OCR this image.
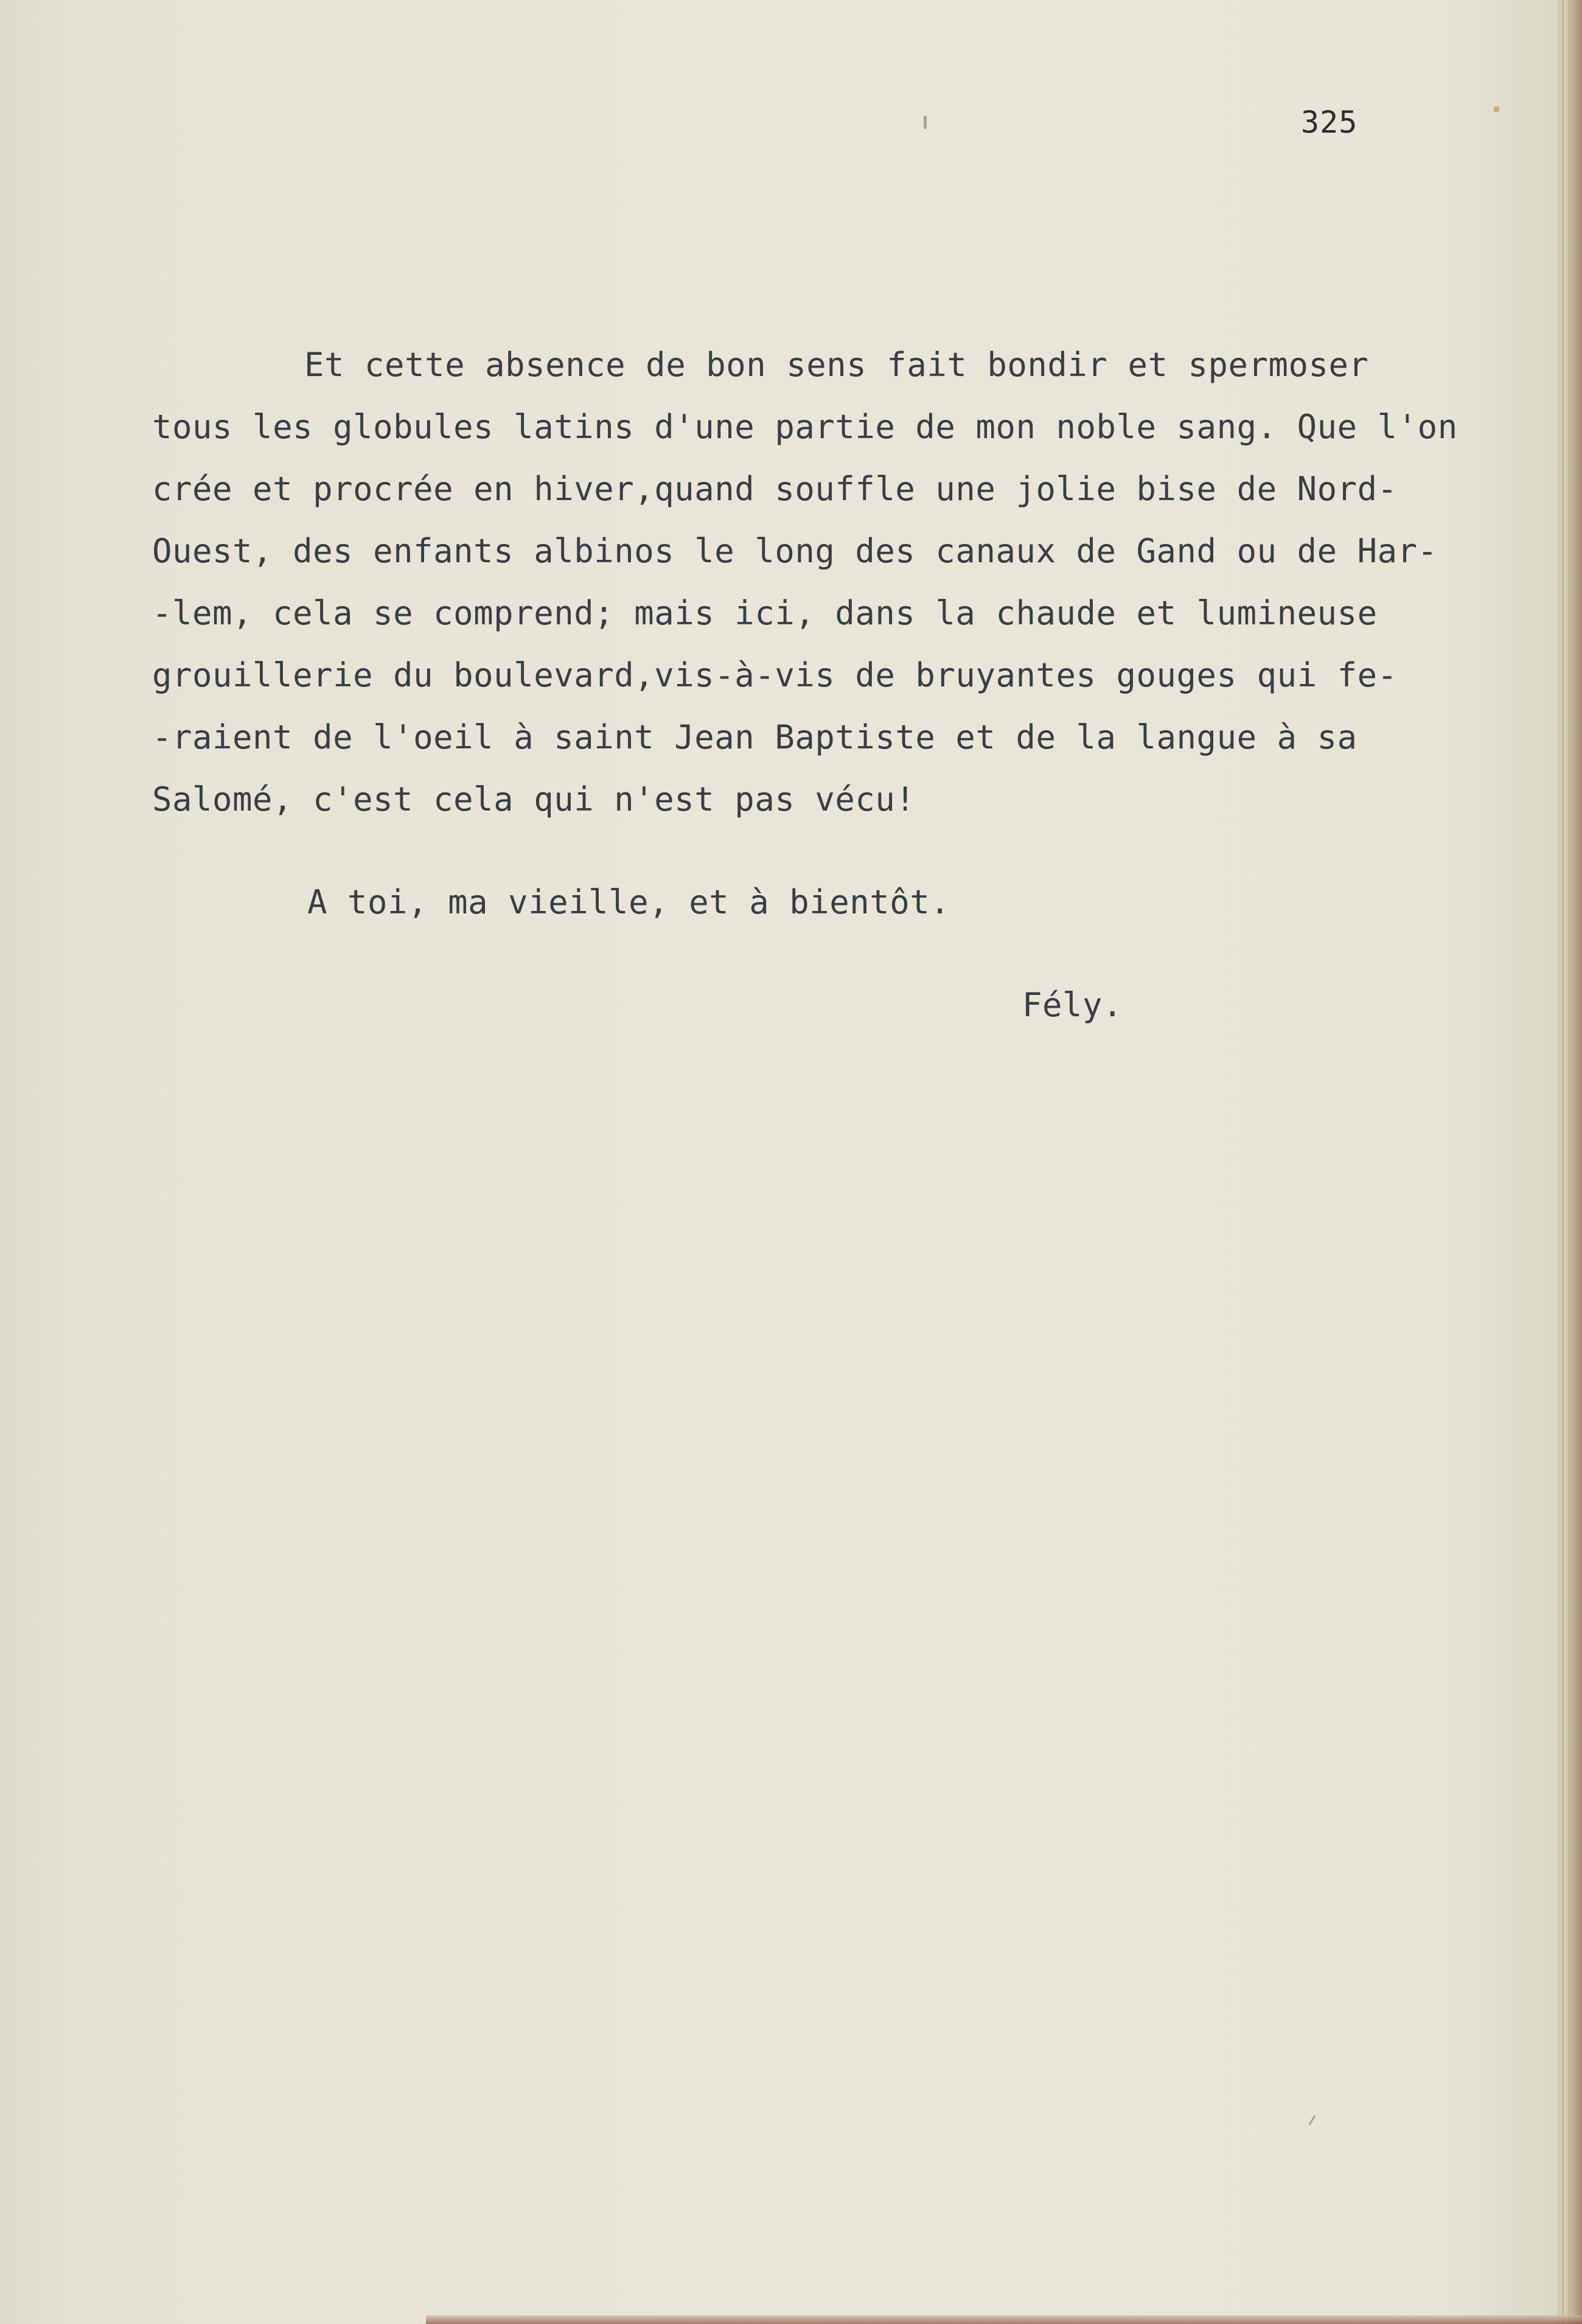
325

Et cette absence de bon sens fait bondir et spermoser

tous les globules latins d'une partie de mon noble sang. Que l'on

crée et procrée en hiver,quand souffle une jolie bise de Nord-

Ouest, des enfants albinos le long des canaux de Gand ou de Har-

-lem, cela se comprend; mais ici, dans la chaude et lumineuse

grouillerie du boulevard,vis-à-vis de bruyantes gouges qui fe-

-raient de l'oeil à saint Jean Baptiste et de la langue à sa

Salomé, c'est cela qui n'est pas vécu!

A toi, ma vieille, et à bientôt.

Fély.
